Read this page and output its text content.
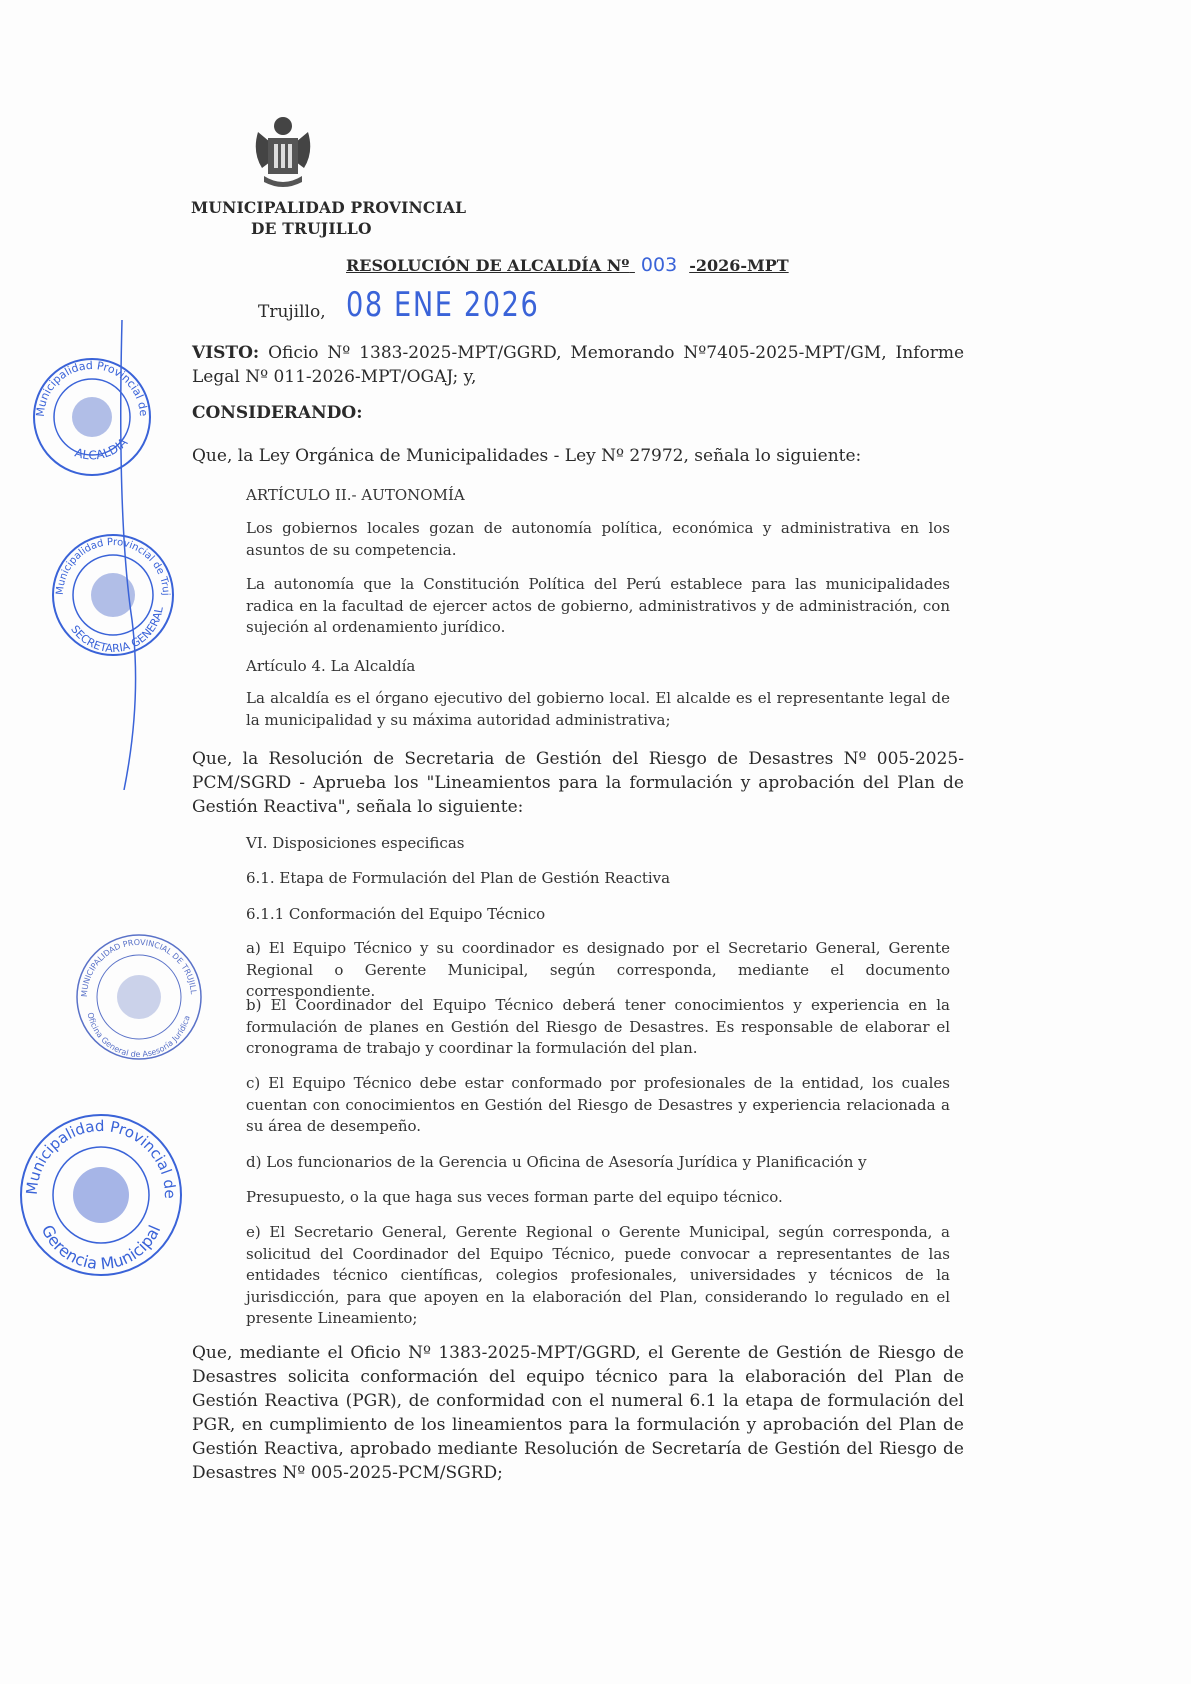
MUNICIPALIDAD PROVINCIAL
DE TRUJILLO
RESOLUCIÓN DE ALCALDÍA Nº 003 -2026-MPT
Trujillo, 08 ENE 2026
VISTO: Oficio Nº 1383-2025-MPT/GGRD, Memorando Nº7405-2025-MPT/GM, Informe Legal Nº 011-2026-MPT/OGAJ; y,
CONSIDERANDO:
Que, la Ley Orgánica de Municipalidades - Ley Nº 27972, señala lo siguiente:
ARTÍCULO II.- AUTONOMÍA
Los gobiernos locales gozan de autonomía política, económica y administrativa en los asuntos de su competencia.
La autonomía que la Constitución Política del Perú establece para las municipalidades radica en la facultad de ejercer actos de gobierno, administrativos y de administración, con sujeción al ordenamiento jurídico.
Artículo 4. La Alcaldía
La alcaldía es el órgano ejecutivo del gobierno local. El alcalde es el representante legal de la municipalidad y su máxima autoridad administrativa;
Que, la Resolución de Secretaria de Gestión del Riesgo de Desastres Nº 005-2025-PCM/SGRD - Aprueba los "Lineamientos para la formulación y aprobación del Plan de Gestión Reactiva", señala lo siguiente:
VI. Disposiciones especificas
6.1. Etapa de Formulación del Plan de Gestión Reactiva
6.1.1 Conformación del Equipo Técnico
a) El Equipo Técnico y su coordinador es designado por el Secretario General, Gerente Regional o Gerente Municipal, según corresponda, mediante el documento correspondiente.
b) El Coordinador del Equipo Técnico deberá tener conocimientos y experiencia en la formulación de planes en Gestión del Riesgo de Desastres. Es responsable de elaborar el cronograma de trabajo y coordinar la formulación del plan.
c) El Equipo Técnico debe estar conformado por profesionales de la entidad, los cuales cuentan con conocimientos en Gestión del Riesgo de Desastres y experiencia relacionada a su área de desempeño.
d) Los funcionarios de la Gerencia u Oficina de Asesoría Jurídica y Planificación y
Presupuesto, o la que haga sus veces forman parte del equipo técnico.
e) El Secretario General, Gerente Regional o Gerente Municipal, según corresponda, a solicitud del Coordinador del Equipo Técnico, puede convocar a representantes de las entidades técnico científicas, colegios profesionales, universidades y técnicos de la jurisdicción, para que apoyen en la elaboración del Plan, considerando lo regulado en el presente Lineamiento;
Que, mediante el Oficio Nº 1383-2025-MPT/GGRD, el Gerente de Gestión de Riesgo de Desastres solicita conformación del equipo técnico para la elaboración del Plan de Gestión Reactiva (PGR), de conformidad con el numeral 6.1 la etapa de formulación del PGR, en cumplimiento de los lineamientos para la formulación y aprobación del Plan de Gestión Reactiva, aprobado mediante Resolución de Secretaría de Gestión del Riesgo de Desastres Nº 005-2025-PCM/SGRD;
Municipalidad Provincial de
ALCALDIA
Municipalidad Provincial de Truj
SECRETARIA GENERAL
MUNICIPALIDAD PROVINCIAL DE TRUJILL
Oficina General de Asesoría Jurídica
Municipalidad Provincial de
Gerencia Municipal
